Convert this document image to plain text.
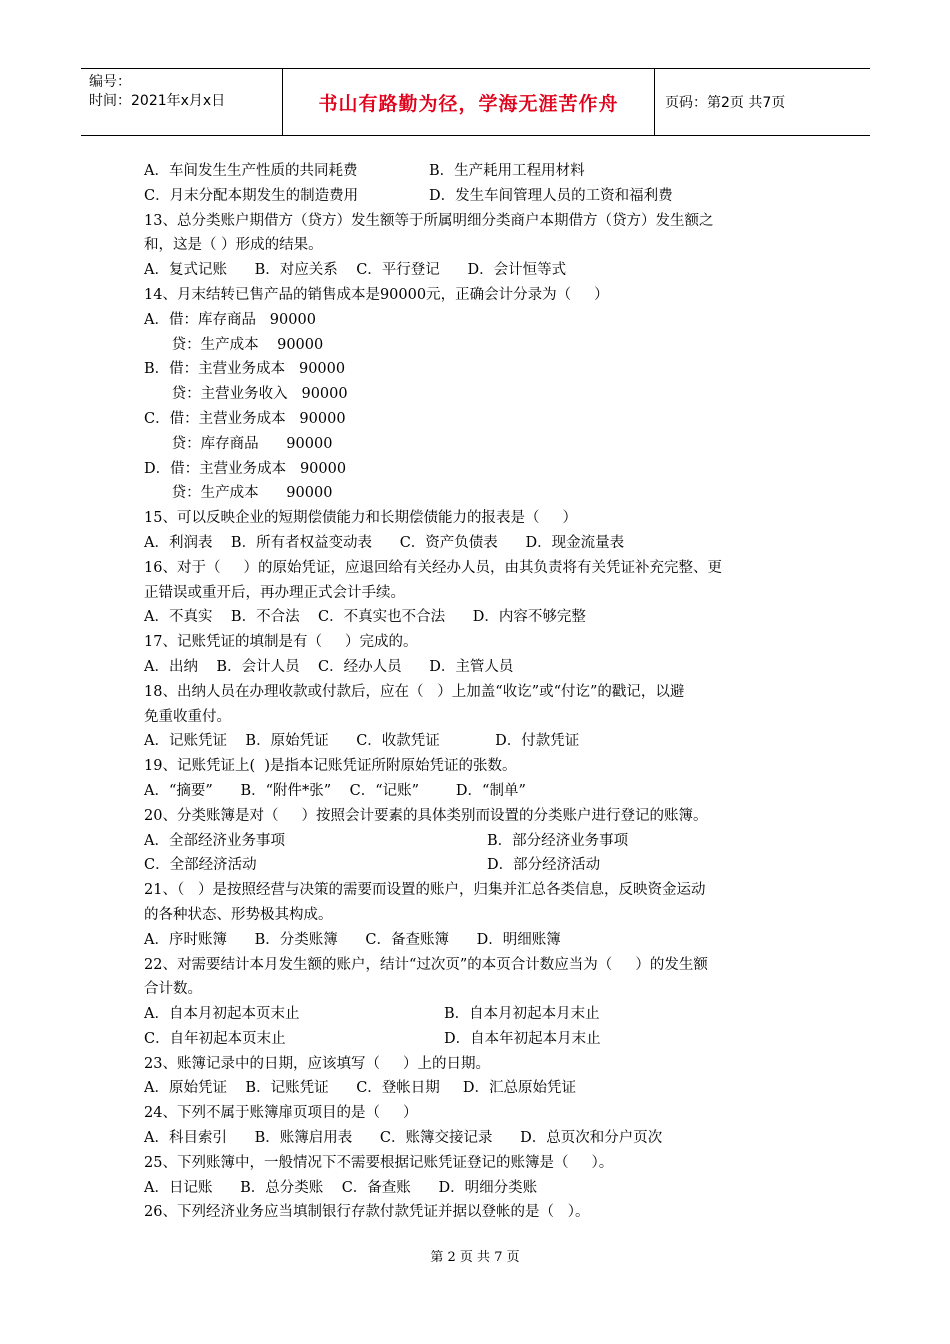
编号：
时间：2021年x月x日	书山有路勤为径，学海无涯苦作舟	页码：第2页 共7页
A．车间发生生产性质的共同耗费	B．生产耗用工程用材料
C．月末分配本期发生的制造费用	D．发生车间管理人员的工资和福利费
13、总分类账户期借方（贷方）发生额等于所属明细分类商户本期借方（贷方）发生额之
和，这是（ ）形成的结果。
A．复式记账      B．对应关系    C．平行登记      D．会计恒等式
14、月末结转已售产品的销售成本是90000元，正确会计分录为（     ）
A．借：库存商品   90000
贷：生产成本    90000
B．借：主营业务成本   90000
贷：主营业务收入   90000
C．借：主营业务成本   90000
贷：库存商品      90000
D．借：主营业务成本   90000
贷：生产成本      90000
15、可以反映企业的短期偿债能力和长期偿债能力的报表是（     ）
A．利润表    B．所有者权益变动表      C．资产负债表      D．现金流量表
16、对于（     ）的原始凭证，应退回给有关经办人员，由其负责将有关凭证补充完整、更
正错误或重开后，再办理正式会计手续。
A．不真实    B．不合法    C．不真实也不合法      D．内容不够完整
17、记账凭证的填制是有（     ）完成的。
A．出纳    B．会计人员    C．经办人员      D．主管人员
18、出纳人员在办理收款或付款后，应在（   ）上加盖“收讫”或“付讫”的戳记，以避
免重收重付。
A．记账凭证    B．原始凭证      C．收款凭证            D．付款凭证
19、记账凭证上(  )是指本记账凭证所附原始凭证的张数。
A．“摘要”      B．“附件*张”    C．“记账”        D．“制单”
20、分类账簿是对（     ）按照会计要素的具体类别而设置的分类账户进行登记的账簿。
A．全部经济业务事项	B．部分经济业务事项
C．全部经济活动	D．部分经济活动
21、（   ）是按照经营与决策的需要而设置的账户，归集并汇总各类信息，反映资金运动
的各种状态、形势极其构成。
A．序时账簿      B．分类账簿      C．备查账簿      D．明细账簿
22、对需要结计本月发生额的账户，结计“过次页”的本页合计数应当为（     ）的发生额
合计数。
A．自本月初起本页末止	B．自本月初起本月末止
C．自年初起本页末止	D．自本年初起本月末止
23、账簿记录中的日期，应该填写（     ）上的日期。
A．原始凭证    B．记账凭证      C．登帐日期     D．汇总原始凭证
24、下列不属于账簿扉页项目的是（     ）
A．科目索引      B．账簿启用表      C．账簿交接记录      D．总页次和分户页次
25、下列账簿中，一般情况下不需要根据记账凭证登记的账簿是（     ）。
A．日记账      B．总分类账    C．备查账      D．明细分类账
26、下列经济业务应当填制银行存款付款凭证并据以登帐的是（   ）。
第 2 页 共 7 页
